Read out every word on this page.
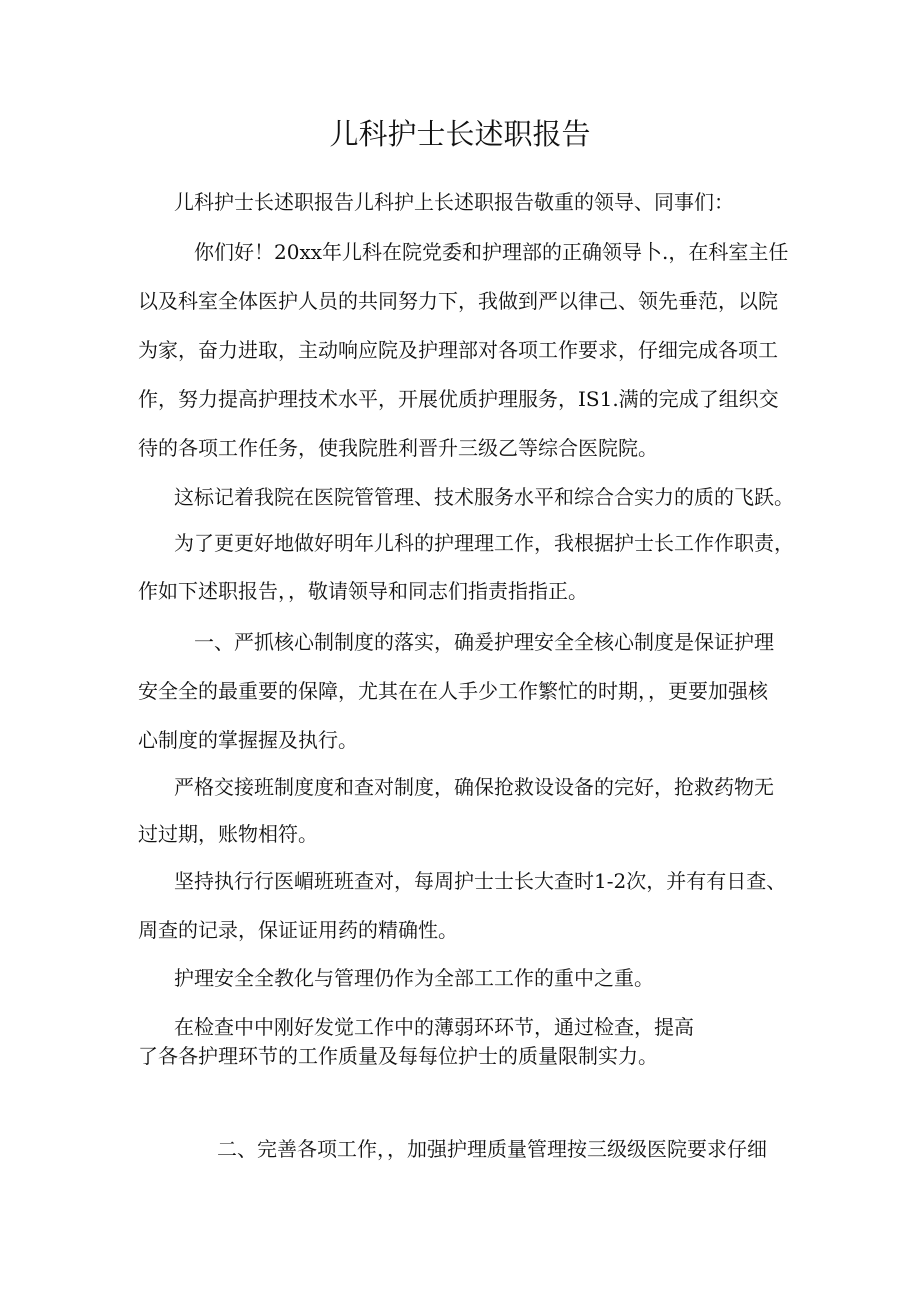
儿科护士长述职报告

儿科护士长述职报告儿科护上长述职报告敬重的领导、同事们：

你们好！20xx年儿科在院党委和护理部的正确领导卜.，在科室主任

以及科室全体医护人员的共同努力下，我做到严以律己、领先垂范，以院

为家，奋力进取，主动响应院及护理部对各项工作要求，仔细完成各项工

作，努力提高护理技术水平，开展优质护理服务，IS1.满的完成了组织交

待的各项工作任务，使我院胜利晋升三级乙等综合医院院。

这标记着我院在医院管管理、技术服务水平和综合合实力的质的飞跃。

为了更更好地做好明年儿科的护理理工作，我根据护士长工作作职责，

作如下述职报告，，敬请领导和同志们指责指指正。

一、严抓核心制制度的落实，确爰护理安全全核心制度是保证护理

安全全的最重要的保障，尤其在在人手少工作繁忙的时期，，更要加强核

心制度的掌握握及执行。

严格交接班制度度和查对制度，确保抢救设设备的完好，抢救药物无

过过期，账物相符。

坚持执行行医嵋班班查对，每周护士士长大查时1-2次，并有有日查、

周查的记录，保证证用药的精确性。

护理安全全教化与管理仍作为全部工工作的重中之重。

在检查中中刚好发觉工作中的薄弱环环节，通过检查，提高

了各各护理环节的工作质量及每每位护士的质量限制实力。

二、完善各项工作，，加强护理质量管理按三级级医院要求仔细
